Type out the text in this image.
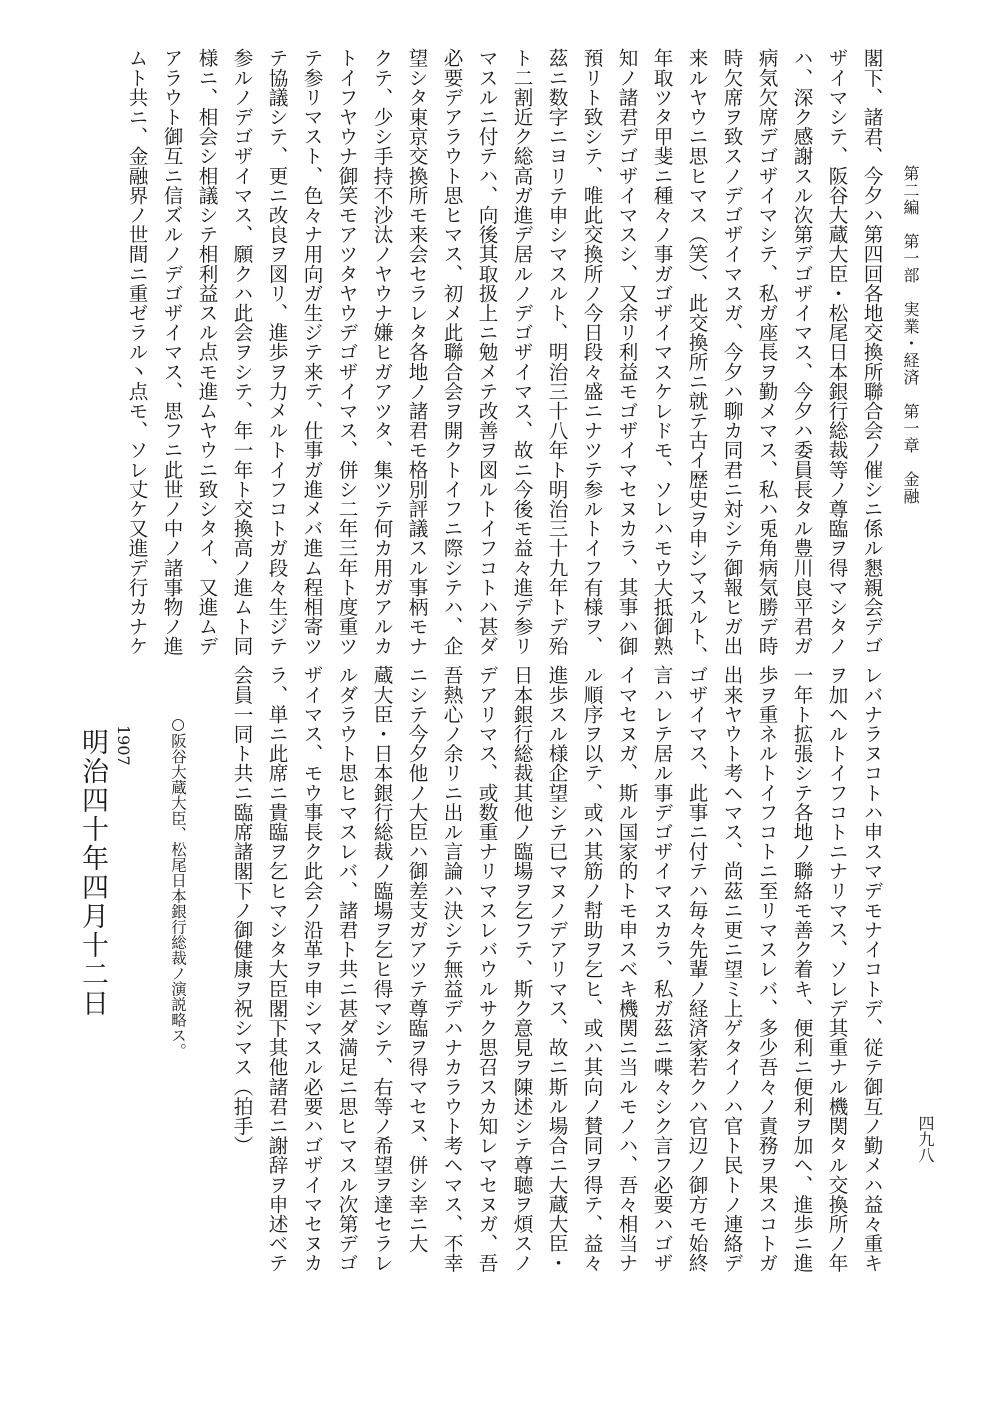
第二編　第一部　実業・経済　第一章　金融
四九八
閣下、諸君、今夕ハ第四回各地交換所聯合会ノ催シニ係ル懇親会デゴ
ザイマシテ、阪谷大蔵大臣・松尾日本銀行総裁等ノ尊臨ヲ得マシタノ
ハ、深ク感謝スル次第デゴザイマス、今夕ハ委員長タル豊川良平君ガ
病気欠席デゴザイマシテ、私ガ座長ヲ勤メマス、私ハ兎角病気勝デ時
時欠席ヲ致スノデゴザイマスガ、今夕ハ聊カ同君ニ対シテ御報ヒガ出
来ルヤウニ思ヒマス（笑）、此交換所ニ就テ古イ歴史ヲ申シマスルト、
年取ツタ甲斐ニ種々ノ事ガゴザイマスケレドモ、ソレハモウ大抵御熟
知ノ諸君デゴザイマスシ、又余リ利益モゴザイマセヌカラ、其事ハ御
預リト致シテ、唯此交換所ノ今日段々盛ニナツテ参ルトイフ有様ヲ、
茲ニ数字ニヨリテ申シマスルト、明治三十八年ト明治三十九年トデ殆
ト二割近ク総高ガ進デ居ルノデゴザイマス、故ニ今後モ益々進デ参リ
マスルニ付テハ、向後其取扱上ニ勉メテ改善ヲ図ルトイフコトハ甚ダ
必要デアラウト思ヒマス、初メ此聯合会ヲ開クトイフニ際シテハ、企
望シタ東京交換所モ来会セラレタ各地ノ諸君モ格別評議スル事柄モナ
クテ、少シ手持不沙汰ノヤウナ嫌ヒガアツタ、集ツテ何カ用ガアルカ
トイフヤウナ御笑モアツタヤウデゴザイマス、併シ二年三年ト度重ツ
テ参リマスト、色々ナ用向ガ生ジテ来テ、仕事ガ進メバ進ム程相寄ツ
テ協議シテ、更ニ改良ヲ図リ、進歩ヲ力メルトイフコトガ段々生ジテ
参ルノデゴザイマス、願クハ此会ヲシテ、年一年ト交換高ノ進ムト同
様ニ、相会シ相議シテ相利益スル点モ進ムヤウニ致シタイ、又進ムデ
アラウト御互ニ信ズルノデゴザイマス、思フニ此世ノ中ノ諸事物ノ進
ムト共ニ、金融界ノ世間ニ重ゼラル丶点モ、ソレ丈ケ又進デ行カナケ
レバナラヌコトハ申スマデモナイコトデ、従テ御互ノ勤メハ益々重キ
ヲ加ヘルトイフコトニナリマス、ソレデ其重ナル機関タル交換所ノ年
一年ト拡張シテ各地ノ聯絡モ善ク着キ、便利ニ便利ヲ加ヘ、進歩ニ進
歩ヲ重ネルトイフコトニ至リマスレバ、多少吾々ノ責務ヲ果スコトガ
出来ヤウト考ヘマス、尚茲ニ更ニ望ミ上ゲタイノハ官ト民トノ連絡デ
ゴザイマス、此事ニ付テハ毎々先輩ノ経済家若クハ官辺ノ御方モ始終
言ハレテ居ル事デゴザイマスカラ、私ガ茲ニ喋々シク言フ必要ハゴザ
イマセヌガ、斯ル国家的トモ申スベキ機関ニ当ルモノハ、吾々相当ナ
ル順序ヲ以テ、或ハ其筋ノ幇助ヲ乞ヒ、或ハ其向ノ賛同ヲ得テ、益々
進歩スル様企望シテ已マヌノデアリマス、故ニ斯ル場合ニ大蔵大臣・
日本銀行総裁其他ノ臨場ヲ乞フテ、斯ク意見ヲ陳述シテ尊聴ヲ煩スノ
デアリマス、或数重ナリマスレバウルサク思召スカ知レマセヌガ、吾
吾熱心ノ余リニ出ル言論ハ決シテ無益デハナカラウト考ヘマス、不幸
ニシテ今夕他ノ大臣ハ御差支ガアツテ尊臨ヲ得マセヌ、併シ幸ニ大
蔵大臣・日本銀行総裁ノ臨場ヲ乞ヒ得マシテ、右等ノ希望ヲ達セラレ
ルダラウト思ヒマスレバ、諸君ト共ニ甚ダ満足ニ思ヒマスル次第デゴ
ザイマス、モウ事長ク此会ノ沿革ヲ申シマスル必要ハゴザイマセヌカ
ラ、単ニ此席ニ貴臨ヲ乞ヒマシタ大臣閣下其他諸君ニ謝辞ヲ申述ベテ
会員一同ト共ニ臨席諸閣下ノ御健康ヲ祝シマス（拍手）
○阪谷大蔵大臣、松尾日本銀行総裁ノ演説略ス。
1907
明治四十年四月十二日
